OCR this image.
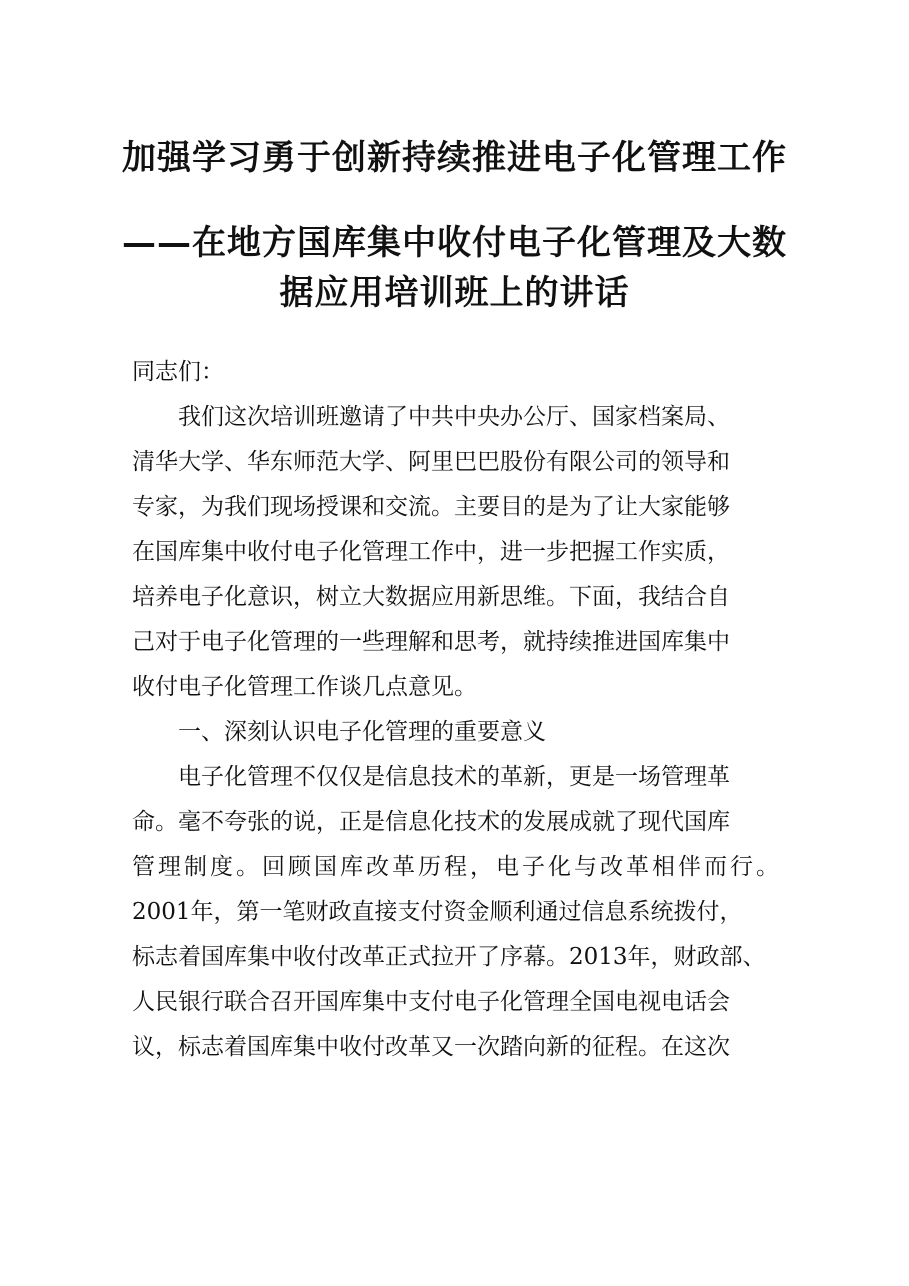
加强学习勇于创新持续推进电子化管理工作
——在地方国库集中收付电子化管理及大数
据应用培训班上的讲话

同志们：

我们这次培训班邀请了中共中央办公厅、国家档案局、
清华大学、华东师范大学、阿里巴巴股份有限公司的领导和
专家，为我们现场授课和交流。主要目的是为了让大家能够
在国库集中收付电子化管理工作中，进一步把握工作实质，
培养电子化意识，树立大数据应用新思维。下面，我结合自
己对于电子化管理的一些理解和思考，就持续推进国库集中
收付电子化管理工作谈几点意见。

一、深刻认识电子化管理的重要意义

电子化管理不仅仅是信息技术的革新，更是一场管理革
命。毫不夸张的说，正是信息化技术的发展成就了现代国库
管理制度。回顾国库改革历程，电子化与改革相伴而行。
2001年，第一笔财政直接支付资金顺利通过信息系统拨付，
标志着国库集中收付改革正式拉开了序幕。2013年，财政部、
人民银行联合召开国库集中支付电子化管理全国电视电话会
议，标志着国库集中收付改革又一次踏向新的征程。在这次
